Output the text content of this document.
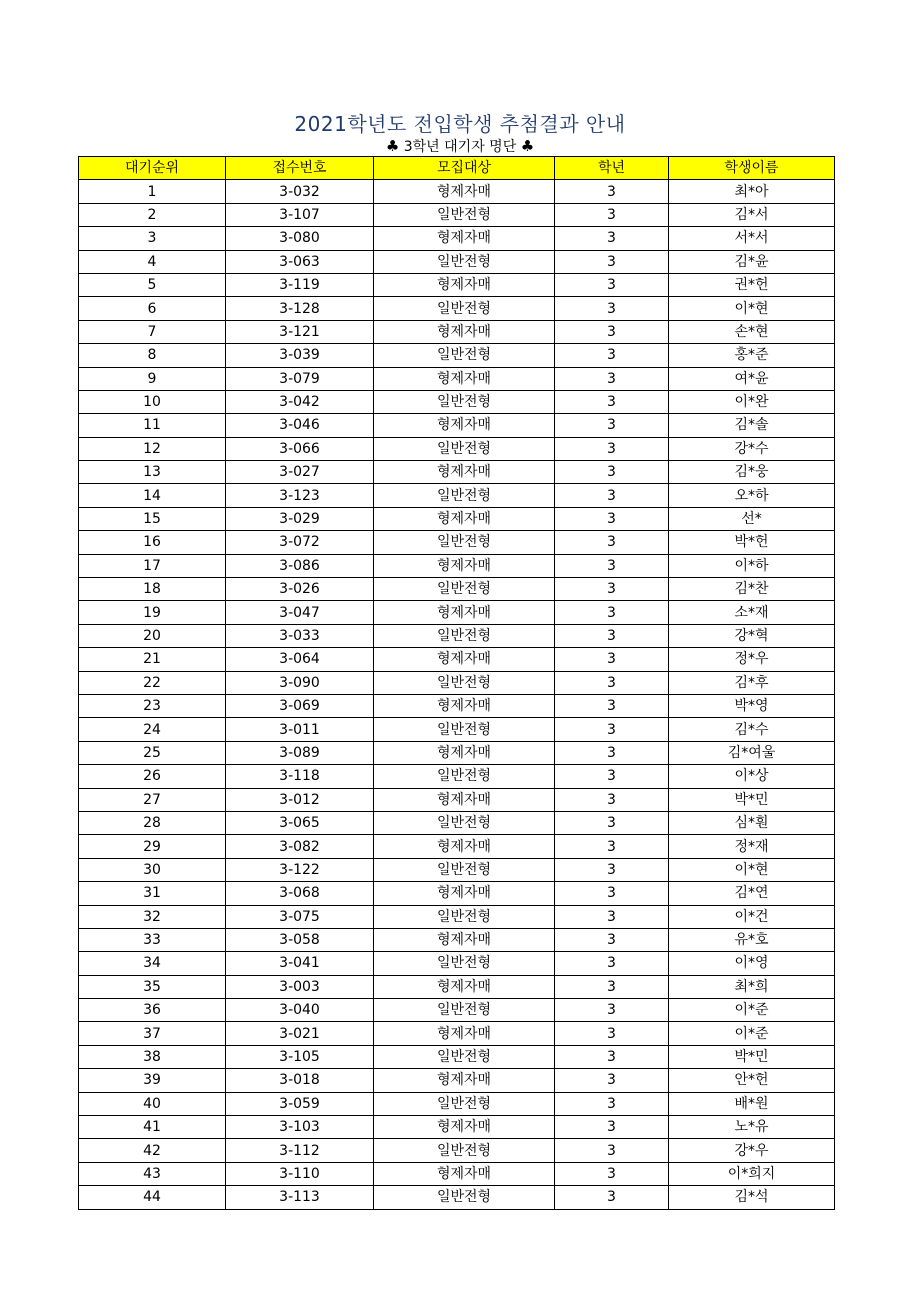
2021학년도 전입학생 추첨결과 안내
♣ 3학년 대기자 명단 ♣
대기순위	접수번호	모집대상	학년	학생이름
1	3-032	형제자매	3	최*아
2	3-107	일반전형	3	김*서
3	3-080	형제자매	3	서*서
4	3-063	일반전형	3	김*윤
5	3-119	형제자매	3	권*헌
6	3-128	일반전형	3	이*현
7	3-121	형제자매	3	손*현
8	3-039	일반전형	3	홍*준
9	3-079	형제자매	3	여*윤
10	3-042	일반전형	3	이*완
11	3-046	형제자매	3	김*솔
12	3-066	일반전형	3	강*수
13	3-027	형제자매	3	김*웅
14	3-123	일반전형	3	오*하
15	3-029	형제자매	3	선*
16	3-072	일반전형	3	박*헌
17	3-086	형제자매	3	이*하
18	3-026	일반전형	3	김*찬
19	3-047	형제자매	3	소*재
20	3-033	일반전형	3	강*혁
21	3-064	형제자매	3	정*우
22	3-090	일반전형	3	김*후
23	3-069	형제자매	3	박*영
24	3-011	일반전형	3	김*수
25	3-089	형제자매	3	김*여울
26	3-118	일반전형	3	이*상
27	3-012	형제자매	3	박*민
28	3-065	일반전형	3	심*훤
29	3-082	형제자매	3	정*재
30	3-122	일반전형	3	이*현
31	3-068	형제자매	3	김*연
32	3-075	일반전형	3	이*건
33	3-058	형제자매	3	유*호
34	3-041	일반전형	3	이*영
35	3-003	형제자매	3	최*희
36	3-040	일반전형	3	이*준
37	3-021	형제자매	3	이*준
38	3-105	일반전형	3	박*민
39	3-018	형제자매	3	안*헌
40	3-059	일반전형	3	배*원
41	3-103	형제자매	3	노*유
42	3-112	일반전형	3	강*우
43	3-110	형제자매	3	이*희지
44	3-113	일반전형	3	김*석
